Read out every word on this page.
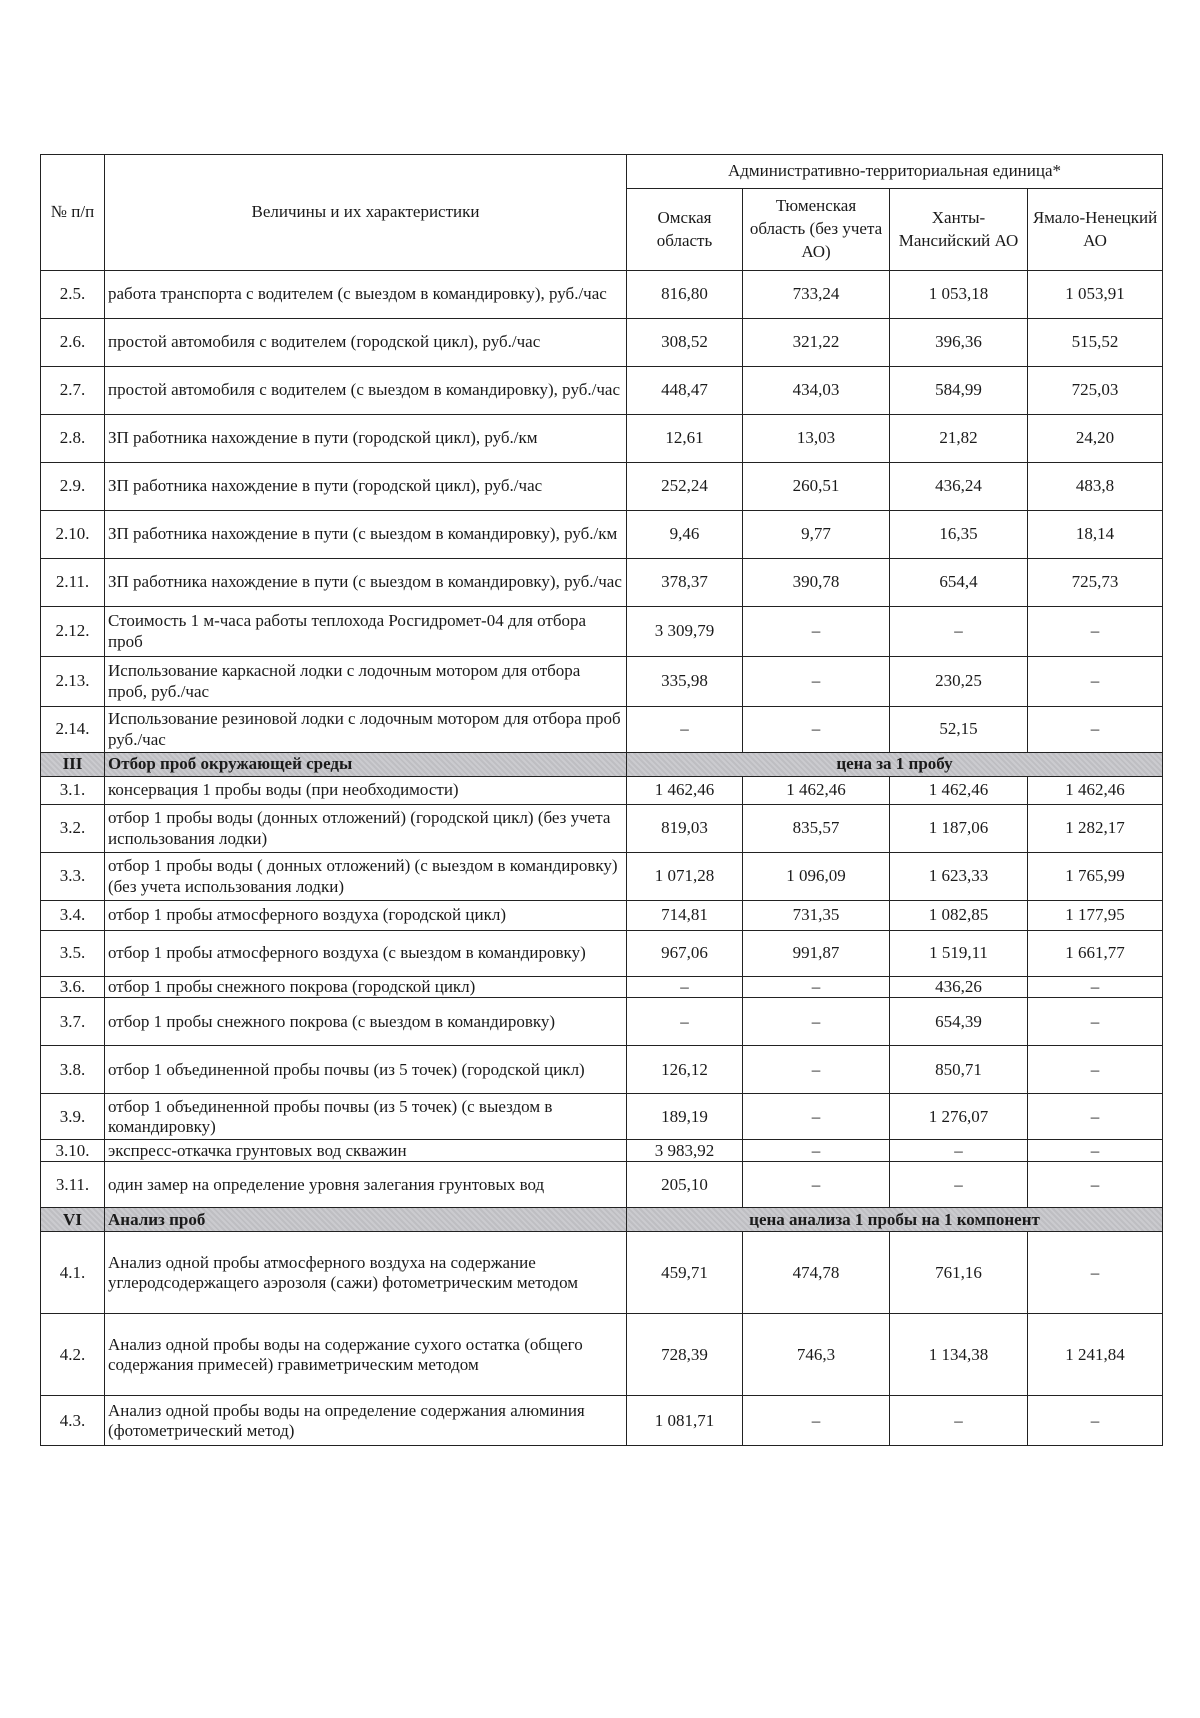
№ п/п	Величины и их характеристики	Административно-территориальная единица*			
		Омская область	Тюменская область (без учета АО)	Ханты-Мансийский АО	Ямало-Ненецкий АО
2.5.	работа транспорта с водителем (с выездом в командировку), руб./час	816,80	733,24	1 053,18	1 053,91
2.6.	простой автомобиля с водителем (городской цикл), руб./час	308,52	321,22	396,36	515,52
2.7.	простой автомобиля с водителем (с выездом в командировку), руб./час	448,47	434,03	584,99	725,03
2.8.	ЗП работника нахождение в пути (городской цикл), руб./км	12,61	13,03	21,82	24,20
2.9.	ЗП работника нахождение в пути (городской цикл), руб./час	252,24	260,51	436,24	483,8
2.10.	ЗП работника нахождение в пути (с выездом в командировку), руб./км	9,46	9,77	16,35	18,14
2.11.	ЗП работника нахождение в пути (с выездом в командировку), руб./час	378,37	390,78	654,4	725,73
2.12.	Стоимость 1 м-часа работы теплохода Росгидромет-04 для отбора проб	3 309,79	–	–	–
2.13.	Использование каркасной лодки с лодочным мотором для отбора проб, руб./час	335,98	–	230,25	–
2.14.	Использование резиновой лодки с лодочным мотором для отбора проб руб./час	–	–	52,15	–
III	Отбор проб окружающей среды	цена за 1 пробу			
3.1.	консервация 1 пробы воды (при необходимости)	1 462,46	1 462,46	1 462,46	1 462,46
3.2.	отбор 1 пробы воды (донных отложений) (городской цикл) (без учета использования лодки)	819,03	835,57	1 187,06	1 282,17
3.3.	отбор 1 пробы воды ( донных отложений) (с выездом в командировку) (без учета использования лодки)	1 071,28	1 096,09	1 623,33	1 765,99
3.4.	отбор 1 пробы атмосферного воздуха (городской цикл)	714,81	731,35	1 082,85	1 177,95
3.5.	отбор 1 пробы атмосферного воздуха (с выездом в командировку)	967,06	991,87	1 519,11	1 661,77
3.6.	отбор 1 пробы снежного покрова (городской цикл)	–	–	436,26	–
3.7.	отбор 1 пробы снежного покрова (с выездом в командировку)	–	–	654,39	–
3.8.	отбор 1 объединенной пробы почвы (из 5 точек) (городской цикл)	126,12	–	850,71	–
3.9.	отбор 1 объединенной пробы почвы (из 5 точек) (с выездом в командировку)	189,19	–	1 276,07	–
3.10.	экспресс-откачка грунтовых вод скважин	3 983,92	–	–	–
3.11.	один замер на определение уровня залегания грунтовых вод	205,10	–	–	–
VI	Анализ проб	цена анализа 1 пробы на 1 компонент			
4.1.	Анализ одной пробы атмосферного воздуха на содержание углеродсодержащего аэрозоля (сажи) фотометрическим методом	459,71	474,78	761,16	–
4.2.	Анализ одной пробы воды на содержание сухого остатка (общего содержания примесей) гравиметрическим методом	728,39	746,3	1 134,38	1 241,84
4.3.	Анализ одной пробы воды на определение содержания алюминия (фотометрический метод)	1 081,71	–	–	–
